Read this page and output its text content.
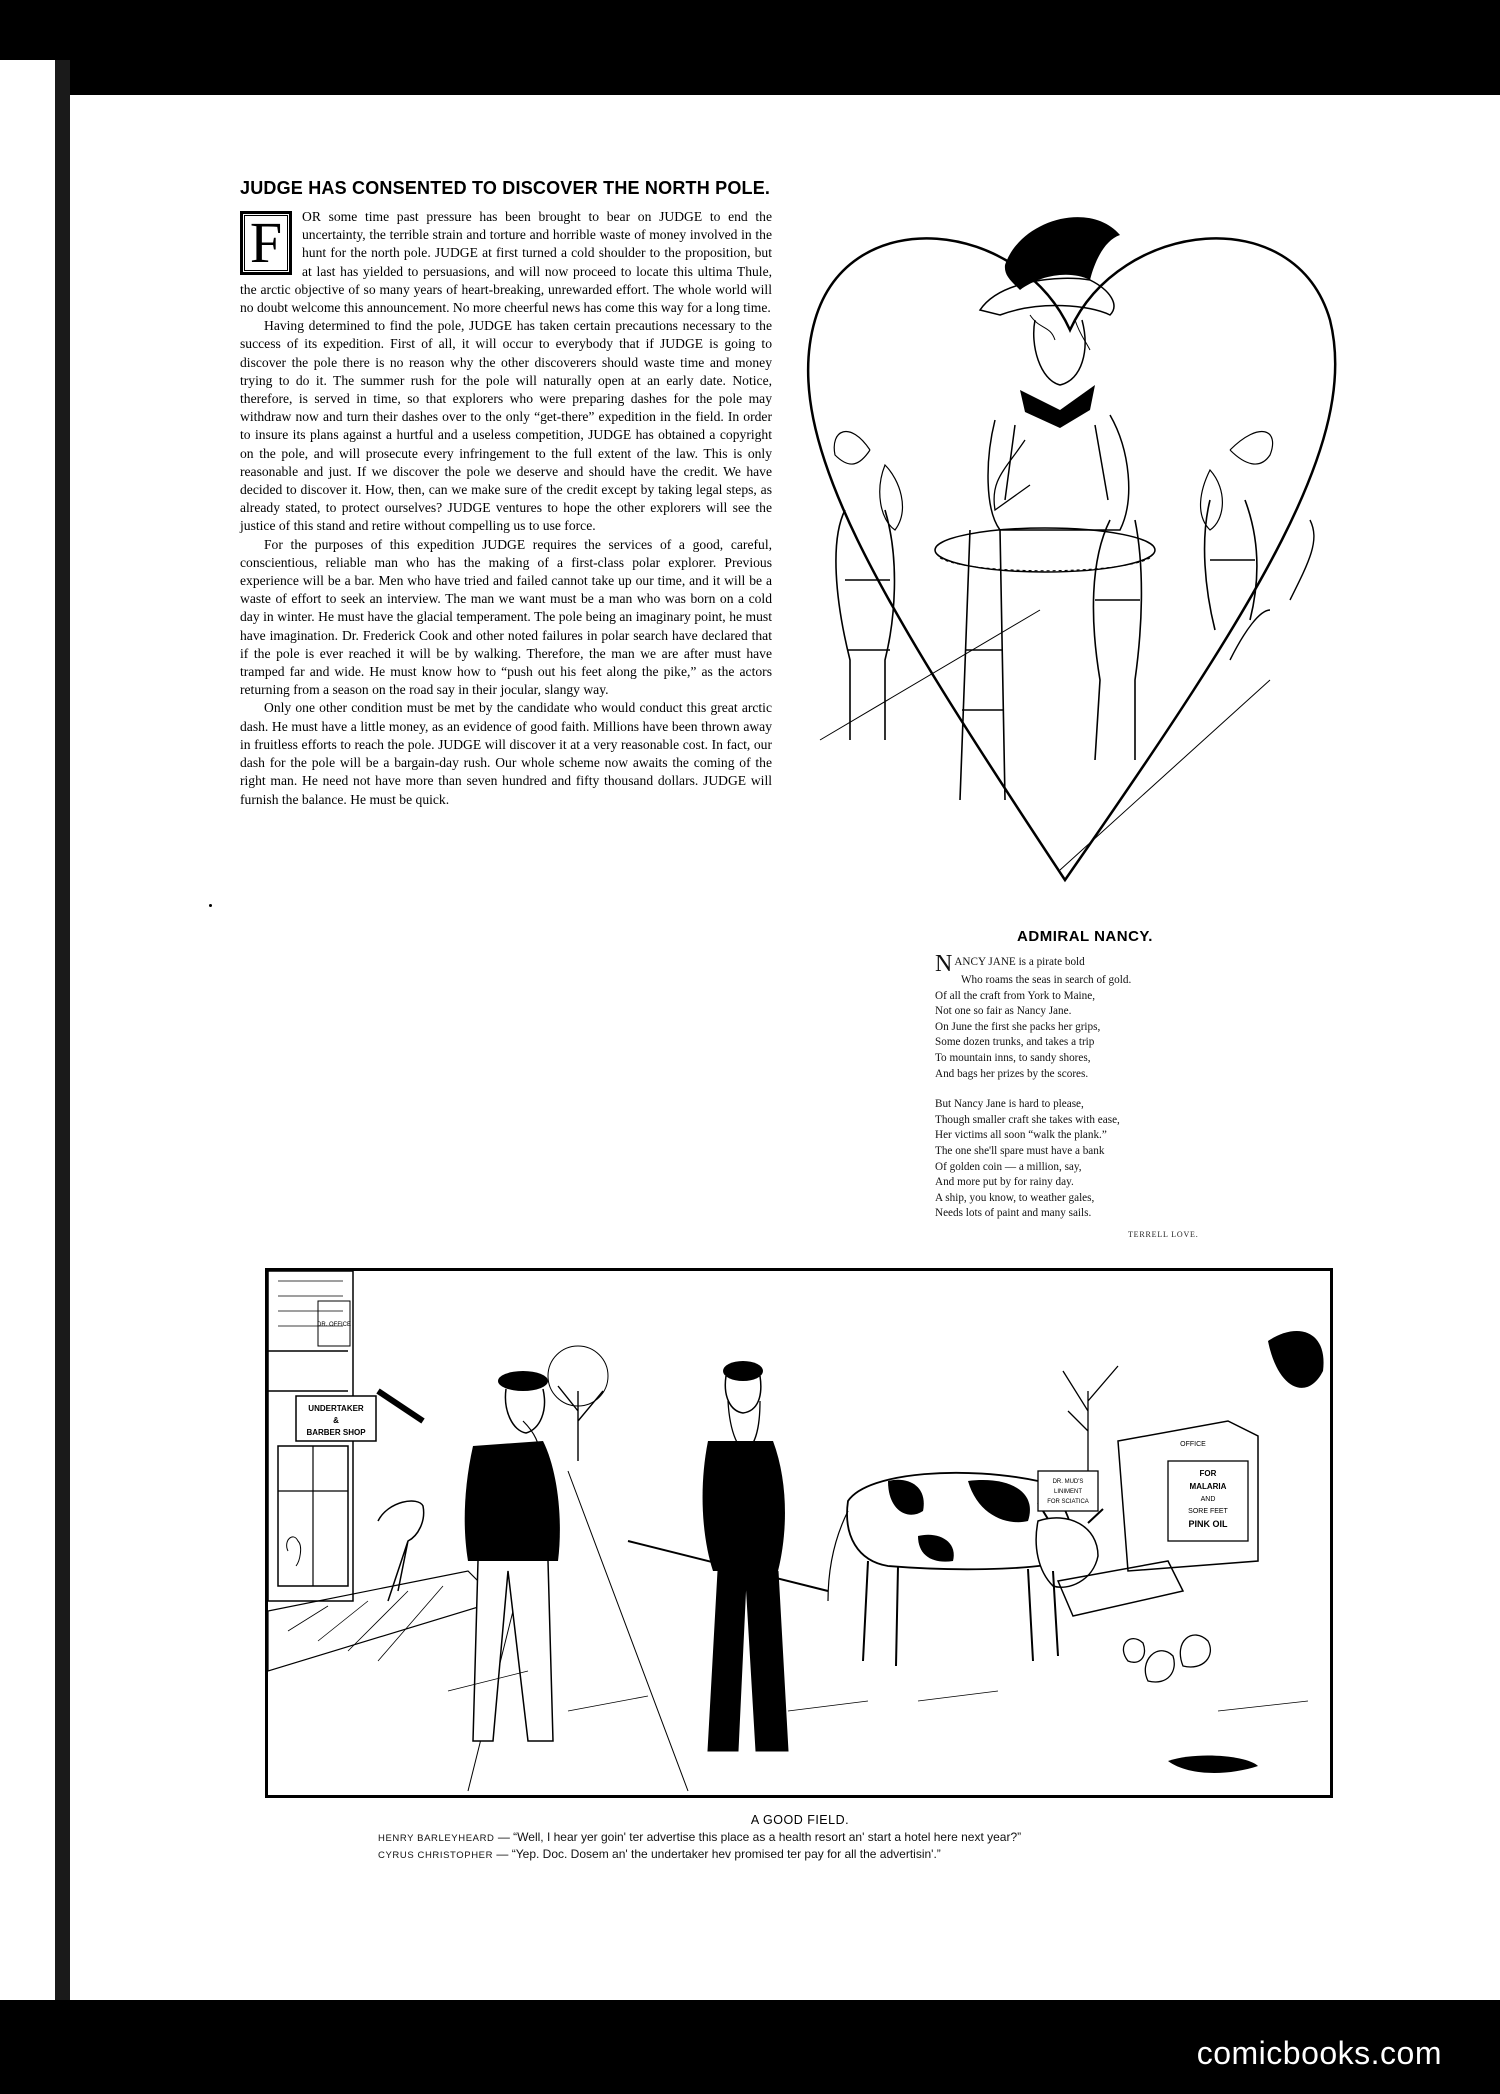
JUDGE HAS CONSENTED TO DISCOVER THE NORTH POLE.
F	OR some time past pressure has been brought to bear on JUDGE to end the uncertainty, the terrible strain and torture and horrible waste of money involved in the hunt for the north pole. JUDGE at first turned a cold shoulder to the proposition, but at last has yielded to persuasions, and will now proceed to locate this ultima Thule, the arctic objective of so many years of heart-breaking, unrewarded effort. The whole world will no doubt welcome this announcement. No more cheerful news has come this way for a long time.

Having determined to find the pole, JUDGE has taken certain precautions necessary to the success of its expedition. First of all, it will occur to everybody that if JUDGE is going to discover the pole there is no reason why the other discoverers should waste time and money trying to do it. The summer rush for the pole will naturally open at an early date. Notice, therefore, is served in time, so that explorers who were preparing dashes for the pole may withdraw now and turn their dashes over to the only “get-there” expedition in the field. In order to insure its plans against a hurtful and a useless competition, JUDGE has obtained a copyright on the pole, and will prosecute every infringement to the full extent of the law. This is only reasonable and just. If we discover the pole we deserve and should have the credit. We have decided to discover it. How, then, can we make sure of the credit except by taking legal steps, as already stated, to protect ourselves? JUDGE ventures to hope the other explorers will see the justice of this stand and retire without compelling us to use force.

For the purposes of this expedition JUDGE requires the services of a good, careful, conscientious, reliable man who has the making of a first-class polar explorer. Previous experience will be a bar. Men who have tried and failed cannot take up our time, and it will be a waste of effort to seek an interview. The man we want must be a man who was born on a cold day in winter. He must have the glacial temperament. The pole being an imaginary point, he must have imagination. Dr. Frederick Cook and other noted failures in polar search have declared that if the pole is ever reached it will be by walking. Therefore, the man we are after must have tramped far and wide. He must know how to “push out his feet along the pike,” as the actors returning from a season on the road say in their jocular, slangy way.

Only one other condition must be met by the candidate who would conduct this great arctic dash. He must have a little money, as an evidence of good faith. Millions have been thrown away in fruitless efforts to reach the pole. JUDGE will discover it at a very reasonable cost. In fact, our dash for the pole will be a bargain-day rush. Our whole scheme now awaits the coming of the right man. He need not have more than seven hundred and fifty thousand dollars. JUDGE will furnish the balance. He must be quick.

ADMIRAL NANCY.
NANCY JANE is a pirate bold
Who roams the seas in search of gold.
Of all the craft from York to Maine,
Not one so fair as Nancy Jane.
On June the first she packs her grips,
Some dozen trunks, and takes a trip
To mountain inns, to sandy shores,
And bags her prizes by the scores.
But Nancy Jane is hard to please,
Though smaller craft she takes with ease,
Her victims all soon “walk the plank.”
The one she'll spare must have a bank
Of golden coin — a million, say,
And more put by for rainy day.
A ship, you know, to weather gales,
Needs lots of paint and many sails.
TERRELL LOVE.
DR. OFFICE
UNDERTAKER
&
BARBER SHOP
DR. MUD'S
LINIMENT
FOR SCIATICA
OFFICE
FOR
MALARIA
AND
SORE FEET
PINK OIL
A GOOD FIELD.
HENRY BARLEYHEARD — “Well, I hear yer goin' ter advertise this place as a health resort an' start a hotel here next year?”
CYRUS CHRISTOPHER — “Yep. Doc. Dosem an' the undertaker hev promised ter pay for all the advertisin'.”
comicbooks.com
